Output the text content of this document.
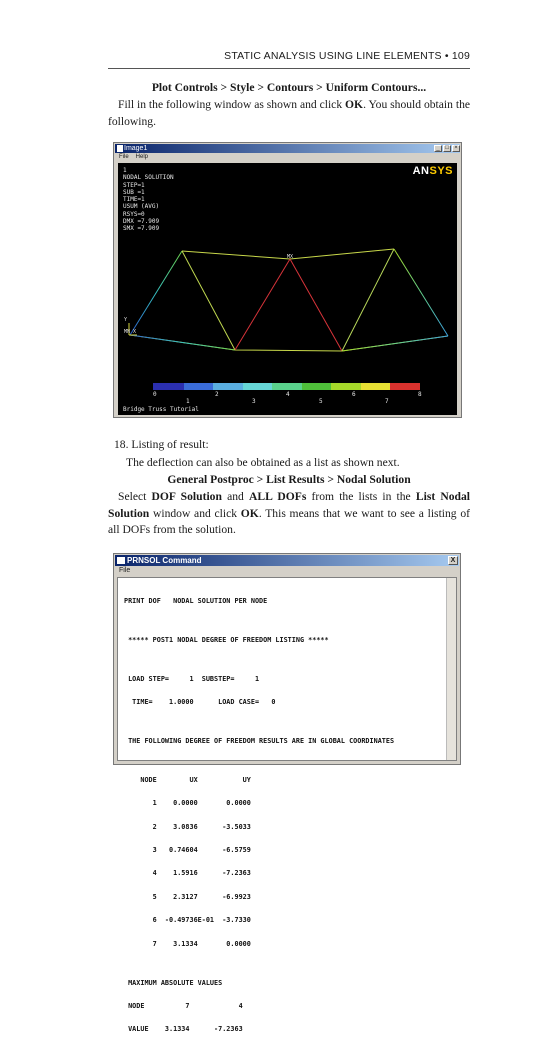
STATIC ANALYSIS USING LINE ELEMENTS • 109
Plot Controls > Style > Contours > Uniform Contours...
Fill in the following window as shown and click OK. You should obtain the following.
Image1	_ □ ×
File Help
1
NODAL SOLUTION
STEP=1
SUB =1
TIME=1
USUM (AVG)
RSYS=0
DMX =7.909
SMX =7.909
ANSYS
MX
Y
MN X
0	2	4	6	8
1	3	5	7
Bridge Truss Tutorial
18. Listing of result:
The deflection can also be obtained as a list as shown next.
General Postproc > List Results > Nodal Solution
Select DOF Solution and ALL DOFs from the lists in the List Nodal Solution window and click OK. This means that we want to see a listing of all DOFs from the solution.
PRNSOL Command	X
File

PRINT DOF   NODAL SOLUTION PER NODE

***** POST1 NODAL DEGREE OF FREEDOM LISTING *****

LOAD STEP=     1  SUBSTEP=     1

TIME=    1.0000      LOAD CASE=   0

THE FOLLOWING DEGREE OF FREEDOM RESULTS ARE IN GLOBAL COORDINATES

NODE        UX           UY

1    0.0000       0.0000

2    3.0836      -3.5033

3   0.74604      -6.5759

4    1.5916      -7.2363

5    2.3127      -6.9923

6  -0.49736E-01  -3.7330

7    3.1334       0.0000

MAXIMUM ABSOLUTE VALUES

NODE          7            4

VALUE    3.1334      -7.2363
